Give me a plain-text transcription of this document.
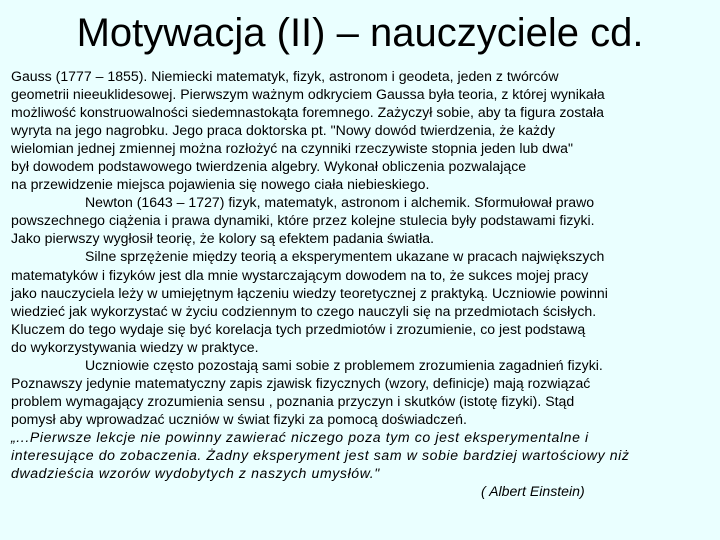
Motywacja (II) – nauczyciele cd.
Gauss (1777 – 1855). Niemiecki matematyk, fizyk, astronom i geodeta, jeden z twórców
geometrii nieeuklidesowej. Pierwszym ważnym odkryciem Gaussa była teoria, z której wynikała
możliwość konstruowalności siedemnastokąta foremnego. Zażyczył sobie, aby ta figura została
wyryta na jego nagrobku. Jego praca doktorska pt. "Nowy dowód twierdzenia, że każdy
wielomian jednej zmiennej można rozłożyć na czynniki rzeczywiste stopnia jeden lub dwa"
był dowodem podstawowego twierdzenia algebry. Wykonał obliczenia pozwalające
na przewidzenie miejsca pojawienia się nowego ciała niebieskiego.
Newton (1643 – 1727) fizyk, matematyk, astronom i alchemik. Sformułował prawo
powszechnego ciążenia i prawa dynamiki, które przez kolejne stulecia były podstawami fizyki.
Jako pierwszy wygłosił teorię, że kolory są efektem padania światła.
Silne sprzężenie między teorią a eksperymentem ukazane w pracach największych
matematyków i fizyków jest dla mnie wystarczającym dowodem na to, że sukces mojej pracy
jako nauczyciela leży w umiejętnym łączeniu wiedzy teoretycznej z praktyką. Uczniowie powinni
wiedzieć jak wykorzystać w życiu codziennym to czego nauczyli się na przedmiotach ścisłych.
Kluczem do tego wydaje się być korelacja tych przedmiotów i zrozumienie, co jest podstawą
do wykorzystywania wiedzy w praktyce.
Uczniowie często pozostają sami sobie z problemem zrozumienia zagadnień fizyki.
Poznawszy jedynie matematyczny zapis zjawisk fizycznych (wzory, definicje) mają rozwiązać
problem wymagający zrozumienia sensu , poznania przyczyn i skutków (istotę fizyki). Stąd
pomysł aby wprowadzać uczniów w świat fizyki za pomocą doświadczeń.
„...Pierwsze lekcje nie powinny zawierać niczego poza tym co jest eksperymentalne i
interesujące do zobaczenia. Żadny eksperyment jest sam w sobie bardziej wartościowy niż
dwadzieścia wzorów wydobytych z naszych umysłów."
( Albert Einstein)
